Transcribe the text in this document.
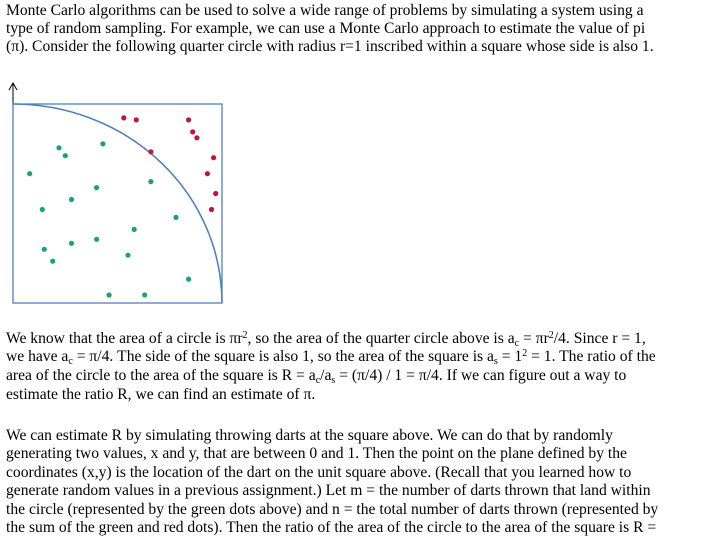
Monte Carlo algorithms can be used to solve a wide range of problems by simulating a system using a
type of random sampling. For example, we can use a Monte Carlo approach to estimate the value of pi
(π). Consider the following quarter circle with radius r=1 inscribed within a square whose side is also 1.
We know that the area of a circle is $\pi r^2$, so the area of the quarter circle above is $a_c = \pi r^2/4$. Since r = 1,
we have $a_c = \pi/4$. The side of the square is also 1, so the area of the square is $a_s = 1^2 = 1$. The ratio of the
area of the circle to the area of the square is $R = a_c/a_s = (\pi/4) / 1 = \pi/4$. If we can figure out a way to
estimate the ratio R, we can find an estimate of π.
We can estimate R by simulating throwing darts at the square above. We can do that by randomly
generating two values, x and y, that are between 0 and 1. Then the point on the plane defined by the
coordinates (x,y) is the location of the dart on the unit square above. (Recall that you learned how to
generate random values in a previous assignment.) Let m = the number of darts thrown that land within
the circle (represented by the green dots above) and n = the total number of darts thrown (represented by
the sum of the green and red dots). Then the ratio of the area of the circle to the area of the square is R =
